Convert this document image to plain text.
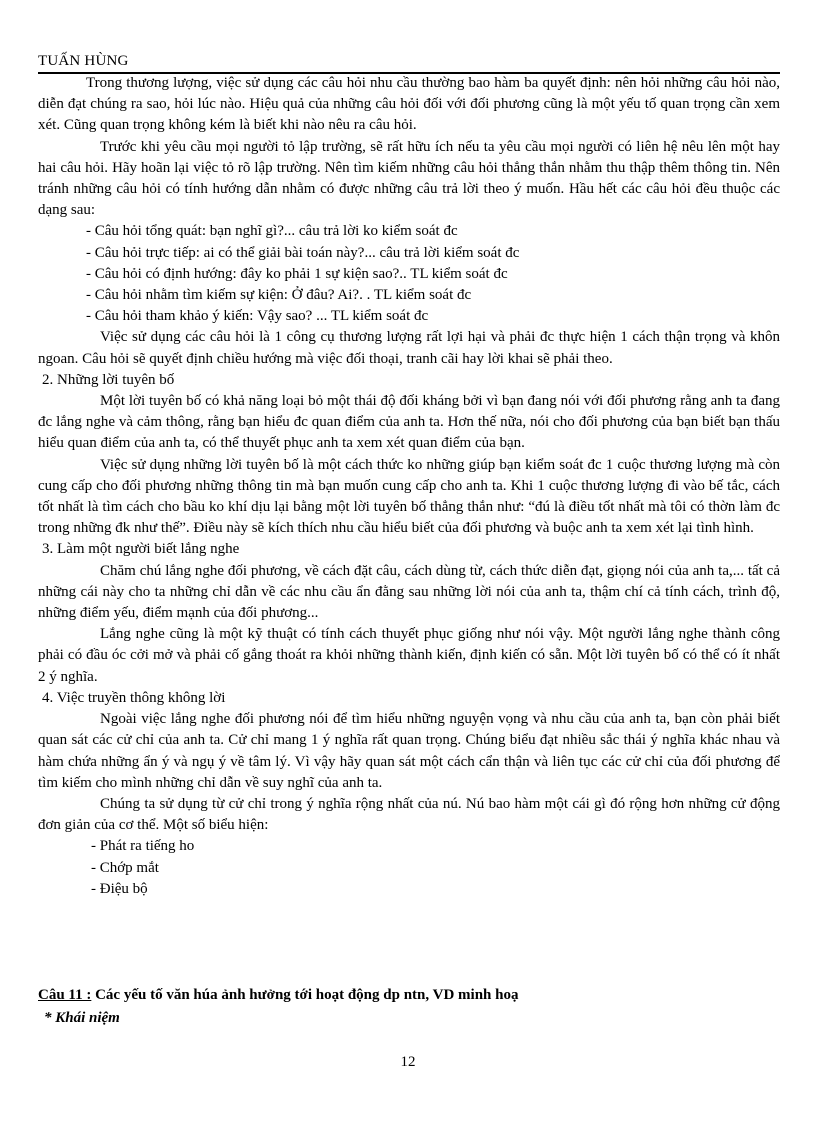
TUẤN HÙNG

Trong thương lượng, việc sử dụng các câu hỏi nhu cầu thường bao hàm ba quyết định: nên hỏi những câu hỏi nào, diễn đạt chúng ra sao, hỏi lúc nào. Hiệu quả của những câu hỏi đối với đối phương cũng là một yếu tố quan trọng cần xem xét. Cũng quan trọng không kém là biết khi nào nêu ra câu hỏi.

Trước khi yêu cầu mọi người tỏ lập trường, sẽ rất hữu ích nếu ta yêu cầu mọi người có liên hệ nêu lên một hay hai câu hỏi. Hãy hoãn lại việc tỏ rõ lập trường. Nên tìm kiếm những câu hỏi thẳng thắn nhằm thu thập thêm thông tin. Nên tránh những câu hỏi có tính hướng dẫn nhằm có được những câu trả lời theo ý muốn. Hầu hết các câu hỏi đều thuộc các dạng sau:

- Câu hỏi tổng quát: bạn nghĩ gì?... câu trả lời ko kiểm soát đc

- Câu hỏi trực tiếp: ai có thể giải bài toán này?... câu trả lời kiểm soát đc

- Câu hỏi có định hướng: đây ko phải 1 sự kiện sao?.. TL kiểm soát đc

- Câu hỏi nhằm tìm kiếm sự kiện: Ở đâu? Ai?. . TL kiểm soát đc

- Câu hỏi tham khảo ý kiến: Vậy sao? ... TL kiểm soát đc

Việc sử dụng các câu hỏi là 1 công cụ thương lượng rất lợi hại và phải đc thực hiện 1 cách thận trọng và khôn ngoan. Câu hỏi sẽ quyết định chiều hướng mà việc đối thoại, tranh cãi hay lời khai sẽ phải theo.

2. Những lời tuyên bố

Một lời tuyên bố có khả năng loại bỏ một thái độ đối kháng bởi vì bạn đang nói với đối phương rằng anh ta đang đc lắng nghe và cảm thông, rằng bạn hiểu đc quan điểm của anh ta. Hơn thế nữa, nói cho đối phương của bạn biết bạn thấu hiểu quan điểm của anh ta, có thể thuyết phục anh ta xem xét quan điểm của bạn.

Việc sử dụng những lời tuyên bố là một cách thức ko những giúp bạn kiểm soát đc 1 cuộc thương lượng mà còn cung cấp cho đối phương những thông tin mà bạn muốn cung cấp cho anh ta. Khi 1 cuộc thương lượng đi vào bế tắc, cách tốt nhất là tìm cách cho bầu ko khí dịu lại bằng một lời tuyên bố thẳng thắn như: “đú là điều tốt nhất mà tôi có thờn làm đc trong những đk như thế”. Điều này sẽ kích thích nhu cầu hiểu biết của đối phương và buộc anh ta xem xét lại tình hình.

3. Làm một người biết lắng nghe

Chăm chú lắng nghe đối phương, về cách đặt câu, cách dùng từ, cách thức diễn đạt, giọng nói của anh ta,... tất cả những cái này cho ta những chỉ dẫn về các nhu cầu ẩn đằng sau những lời nói của anh ta, thậm chí cả tính cách, trình độ, những điểm yếu, điểm mạnh của đối phương...

Lắng nghe cũng là một kỹ thuật có tính cách thuyết phục giống như nói vậy. Một người lắng nghe thành công phải có đầu óc cởi mở và phải cố gắng thoát ra khỏi những thành kiến, định kiến có sẵn. Một lời tuyên bố có thể có ít nhất 2 ý nghĩa.

4. Việc truyền thông không lời

Ngoài việc lắng nghe đối phương nói để tìm hiểu những nguyện vọng và nhu cầu của anh ta, bạn còn phải biết quan sát các cử chỉ của anh ta. Cử chỉ mang 1 ý nghĩa rất quan trọng. Chúng biểu đạt nhiều sắc thái ý nghĩa khác nhau và hàm chứa những ẩn ý và ngụ ý về tâm lý. Vì vậy hãy quan sát một cách cẩn thận và liên tục các cử chỉ của đối phương để tìm kiếm cho mình những chỉ dẫn về suy nghĩ của anh ta.

Chúng ta sử dụng từ cử chỉ trong ý nghĩa rộng nhất của nú. Nú bao hàm một cái gì đó rộng hơn những cử động đơn giản của cơ thể. Một số biểu hiện:

- Phát ra tiếng ho

- Chớp mắt

- Điệu bộ

Câu 11 : Các yếu tố văn húa ảnh hưởng tới hoạt động dp ntn, VD minh hoạ
* Khái niệm
12
